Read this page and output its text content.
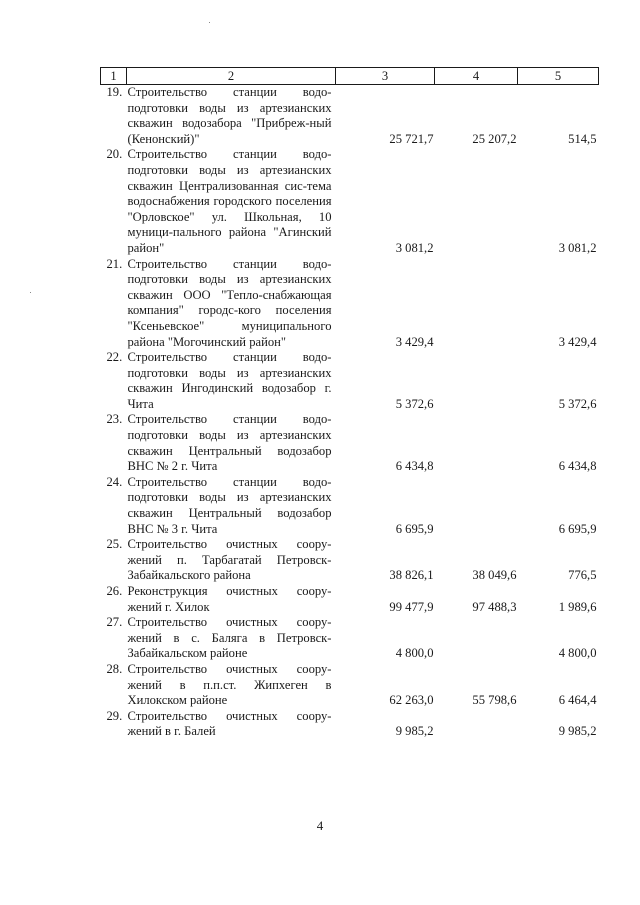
1	2	3	4	5

19. Строительство станции водо-подготовки воды из артезианских скважин водозабора "Прибреж-ный (Кенонский)"		25 721,7	25 207,2	514,5

20. Строительство станции водо-подготовки воды из артезианских скважин Централизованная сис-тема водоснабжения городского поселения "Орловское" ул. Школьная, 10 муници-пального района "Агинский район"		3 081,2		3 081,2

21. Строительство станции водо-подготовки воды из артезианских скважин ООО "Тепло-снабжающая компания" городс-кого поселения "Ксеньевское" муниципального района "Могочинский район"		3 429,4		3 429,4

22. Строительство станции водо-подготовки воды из артезианских скважин Ингодинский водозабор г. Чита		5 372,6		5 372,6

23. Строительство станции водо-подготовки воды из артезианских скважин Центральный водозабор ВНС № 2 г. Чита		6 434,8		6 434,8

24. Строительство станции водо-подготовки воды из артезианских скважин Центральный водозабор ВНС № 3 г. Чита		6 695,9		6 695,9

25. Строительство очистных соору-жений п. Тарбагатай Петровск-Забайкальского района		38 826,1	38 049,6	776,5

26. Реконструкция очистных соору-жений г. Хилок		99 477,9	97 488,3	1 989,6

27. Строительство очистных соору-жений в с. Баляга в Петровск-Забайкальском районе		4 800,0		4 800,0

28. Строительство очистных соору-жений в п.п.ст. Жипхеген в Хилокском районе		62 263,0	55 798,6	6 464,4

29. Строительство очистных соору-жений в г. Балей		9 985,2		9 985,2
4
